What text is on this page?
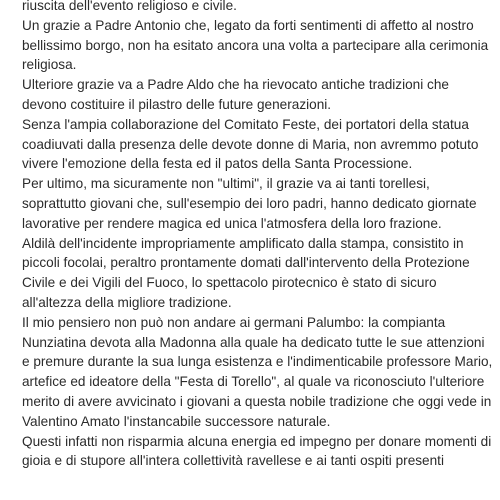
riuscita dell'evento religioso e civile.

Un grazie a Padre Antonio che, legato da forti sentimenti di affetto al nostro bellissimo borgo, non ha esitato ancora una volta a partecipare alla cerimonia religiosa.

Ulteriore grazie va a Padre Aldo che ha rievocato antiche tradizioni che devono costituire il pilastro delle future generazioni.

Senza l'ampia collaborazione del Comitato Feste, dei portatori della statua coadiuvati dalla presenza delle devote donne di Maria, non avremmo potuto vivere l'emozione della festa ed il patos della Santa Processione.

Per ultimo, ma sicuramente non "ultimi", il grazie va ai tanti torellesi, soprattutto giovani che, sull'esempio dei loro padri, hanno dedicato giornate lavorative per rendere magica ed unica l'atmosfera della loro frazione.

Aldilà dell'incidente impropriamente amplificato dalla stampa, consistito in piccoli focolai, peraltro prontamente domati dall'intervento della Protezione Civile e dei Vigili del Fuoco, lo spettacolo pirotecnico è stato di sicuro all'altezza della migliore tradizione.

Il mio pensiero non può non andare ai germani Palumbo: la compianta Nunziatina devota alla Madonna alla quale ha dedicato tutte le sue attenzioni e premure durante la sua lunga esistenza e l'indimenticabile professore Mario, artefice ed ideatore della "Festa di Torello", al quale va riconosciuto l'ulteriore merito di avere avvicinato i giovani a questa nobile tradizione che oggi vede in Valentino Amato l'instancabile successore naturale.

Questi infatti non risparmia alcuna energia ed impegno per donare momenti di gioia e di stupore all'intera collettività ravellese e ai tanti ospiti presenti
